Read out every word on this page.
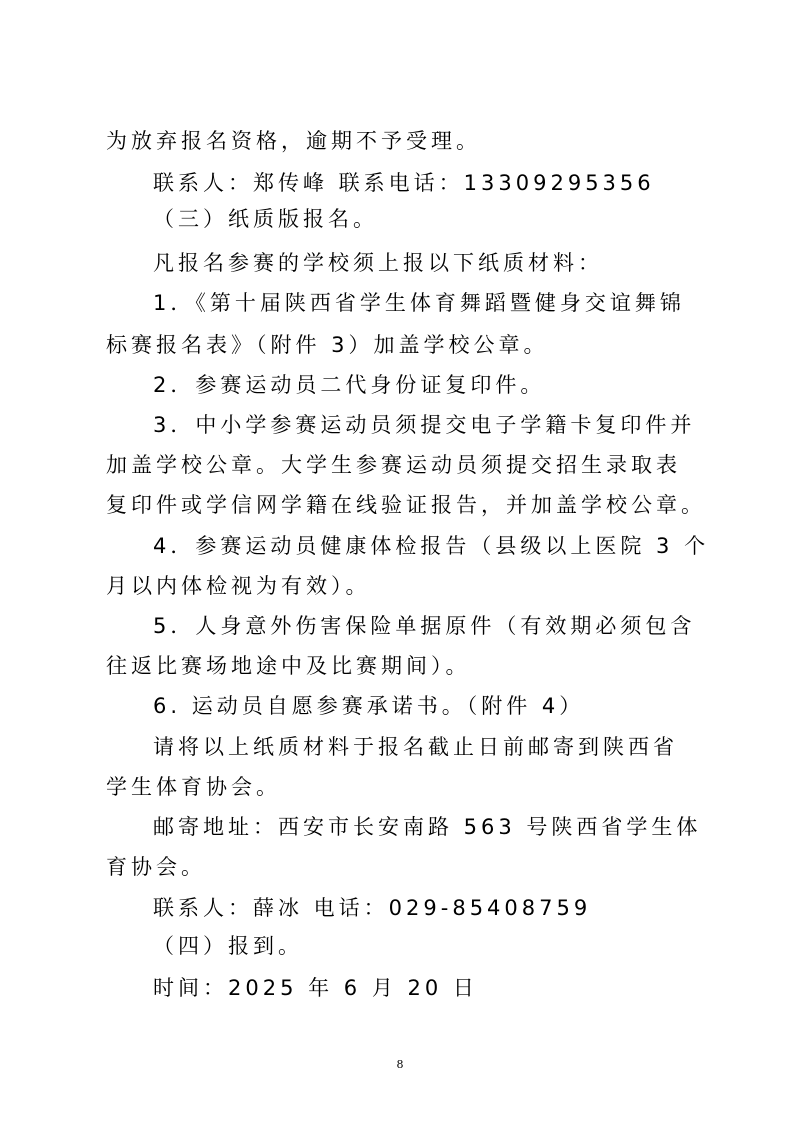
为放弃报名资格，逾期不予受理。
联系人：郑传峰 联系电话：13309295356
（三）纸质版报名。
凡报名参赛的学校须上报以下纸质材料：
1．《第十届陕西省学生体育舞蹈暨健身交谊舞锦
标赛报名表》（附件 3）加盖学校公章。
2．参赛运动员二代身份证复印件。
3．中小学参赛运动员须提交电子学籍卡复印件并
加盖学校公章。大学生参赛运动员须提交招生录取表
复印件或学信网学籍在线验证报告，并加盖学校公章。
4．参赛运动员健康体检报告（县级以上医院 3 个
月以内体检视为有效）。
5．人身意外伤害保险单据原件（有效期必须包含
往返比赛场地途中及比赛期间）。
6. 运动员自愿参赛承诺书。（附件 4）
请将以上纸质材料于报名截止日前邮寄到陕西省
学生体育协会。
邮寄地址：西安市长安南路 563 号陕西省学生体
育协会。
联系人：薛冰 电话：029-85408759
（四）报到。
时间：2025 年 6 月 20 日
8
